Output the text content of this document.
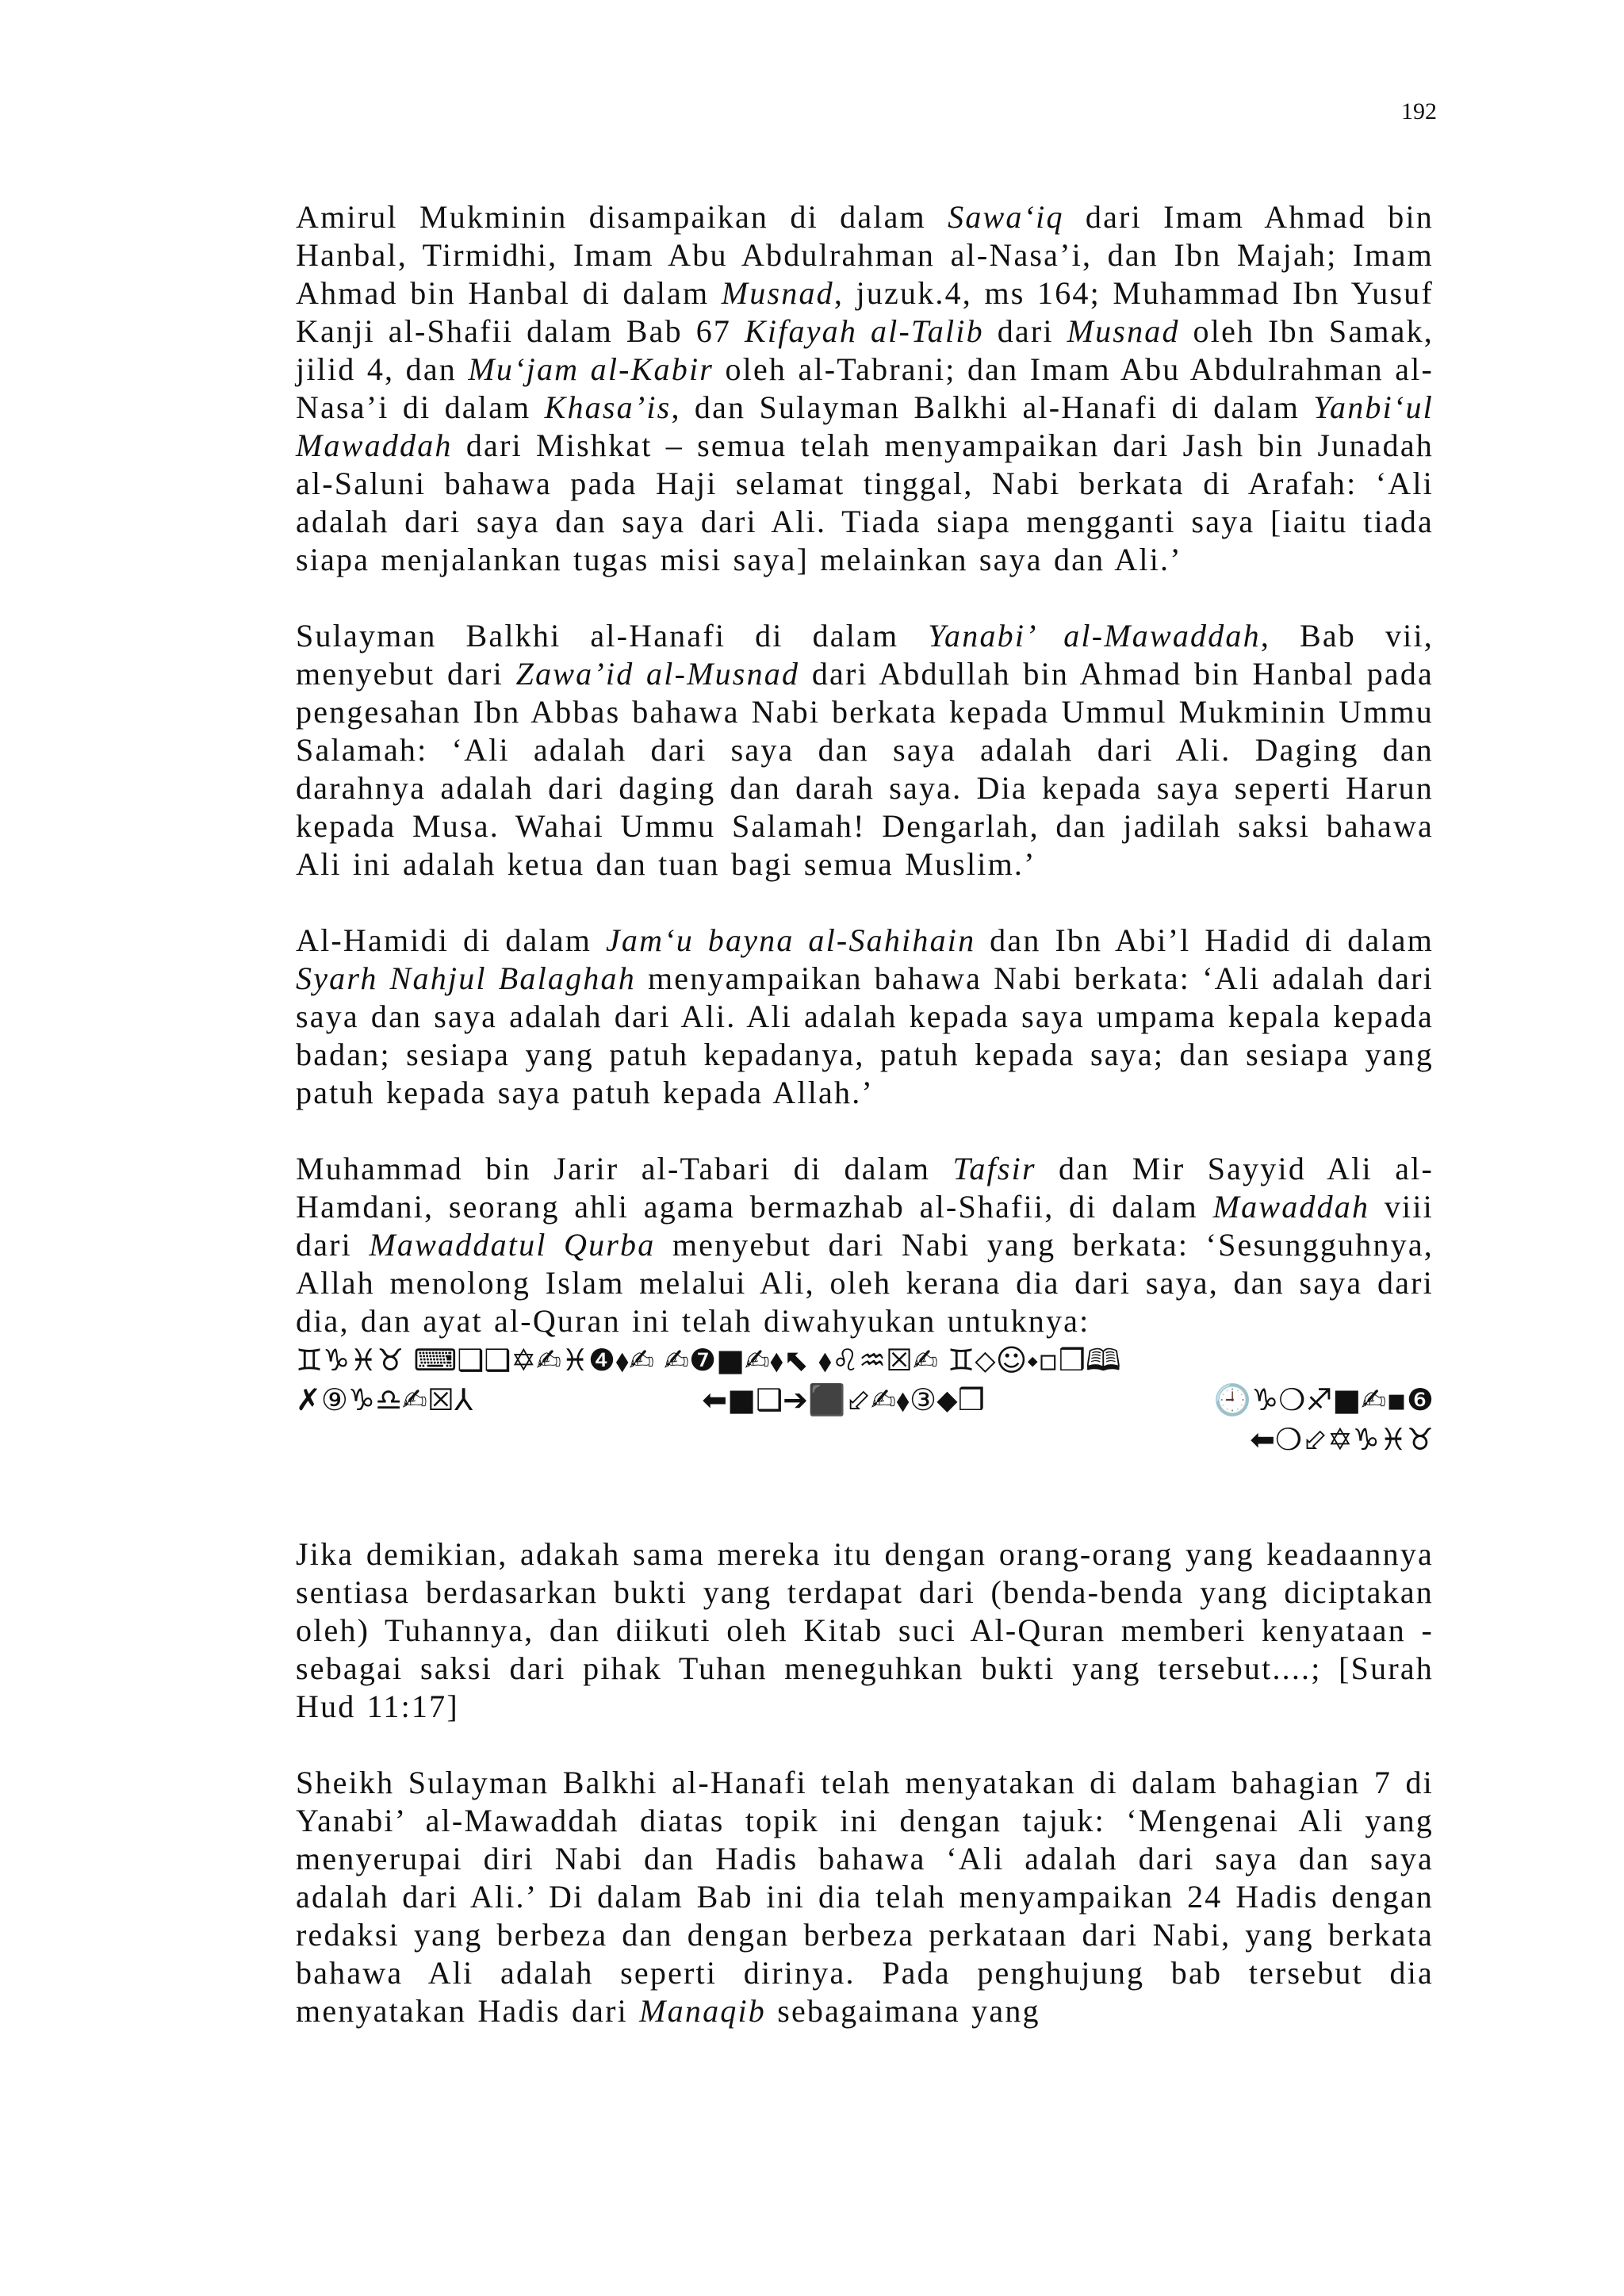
192

Amirul Mukminin disampaikan di dalam Sawa‘iq dari Imam Ahmad bin Hanbal, Tirmidhi, Imam Abu Abdulrahman al-Nasa’i, dan Ibn Majah; Imam Ahmad bin Hanbal di dalam Musnad, juzuk.4, ms 164; Muhammad Ibn Yusuf Kanji al-Shafii dalam Bab 67 Kifayah al-Talib dari Musnad oleh Ibn Samak, jilid 4, dan Mu‘jam al-Kabir oleh al-Tabrani; dan Imam Abu Abdulrahman al-Nasa’i di dalam Khasa’is, dan Sulayman Balkhi al-Hanafi di dalam Yanbi‘ul Mawaddah dari Mishkat – semua telah menyampaikan dari Jash bin Junadah al-Saluni bahawa pada Haji selamat tinggal, Nabi berkata di Arafah: ‘Ali adalah dari saya dan saya dari Ali. Tiada siapa mengganti saya [iaitu tiada siapa menjalankan tugas misi saya] melainkan saya dan Ali.’

Sulayman Balkhi al-Hanafi di dalam Yanabi’ al-Mawaddah, Bab vii, menyebut dari Zawa’id al-Musnad dari Abdullah bin Ahmad bin Hanbal pada pengesahan Ibn Abbas bahawa Nabi berkata kepada Ummul Mukminin Ummu Salamah: ‘Ali adalah dari saya dan saya adalah dari Ali. Daging dan darahnya adalah dari daging dan darah saya. Dia kepada saya seperti Harun kepada Musa. Wahai Ummu Salamah! Dengarlah, dan jadilah saksi bahawa Ali ini adalah ketua dan tuan bagi semua Muslim.’

Al-Hamidi di dalam Jam‘u bayna al-Sahihain dan Ibn Abi’l Hadid di dalam Syarh Nahjul Balaghah menyampaikan bahawa Nabi berkata: ‘Ali adalah dari saya dan saya adalah dari Ali. Ali adalah kepada saya umpama kepala kepada badan; sesiapa yang patuh kepadanya, patuh kepada saya; dan sesiapa yang patuh kepada saya patuh kepada Allah.’

Muhammad bin Jarir al-Tabari di dalam Tafsir dan Mir Sayyid Ali al-Hamdani, seorang ahli agama bermazhab al-Shafii, di dalam Mawaddah viii dari Mawaddatul Qurba menyebut dari Nabi yang berkata: ‘Sesungguhnya, Allah menolong Islam melalui Ali, oleh kerana dia dari saya, dan saya dari dia, dan ayat al-Quran ini telah diwahyukan untuknya:

♊♑♓♉ ⌨❑❑✡✍♓❹⬧✍ ✍❼■✍⬧⬉ ⬧♌♒☒✍ ♊⬦☺⬩▫❒🕮
✗⑨♑♎✍☒⅄	⬅■❑➔⬛⬃✍⬧③⬥❒	🕘♑❍♐■✍▪❻
⬅❍⬃✡♑♓♉

Jika demikian, adakah sama mereka itu dengan orang-orang yang keadaannya sentiasa berdasarkan bukti yang terdapat dari (benda-benda yang diciptakan oleh) Tuhannya, dan diikuti oleh Kitab suci Al-Quran memberi kenyataan - sebagai saksi dari pihak Tuhan meneguhkan bukti yang tersebut....; [Surah Hud 11:17]

Sheikh Sulayman Balkhi al-Hanafi telah menyatakan di dalam bahagian 7 di Yanabi’ al-Mawaddah diatas topik ini dengan tajuk: ‘Mengenai Ali yang menyerupai diri Nabi dan Hadis bahawa ‘Ali adalah dari saya dan saya adalah dari Ali.’ Di dalam Bab ini dia telah menyampaikan 24 Hadis dengan redaksi yang berbeza dan dengan berbeza perkataan dari Nabi, yang berkata bahawa Ali adalah seperti dirinya. Pada penghujung bab tersebut dia menyatakan Hadis dari Manaqib sebagaimana yang
